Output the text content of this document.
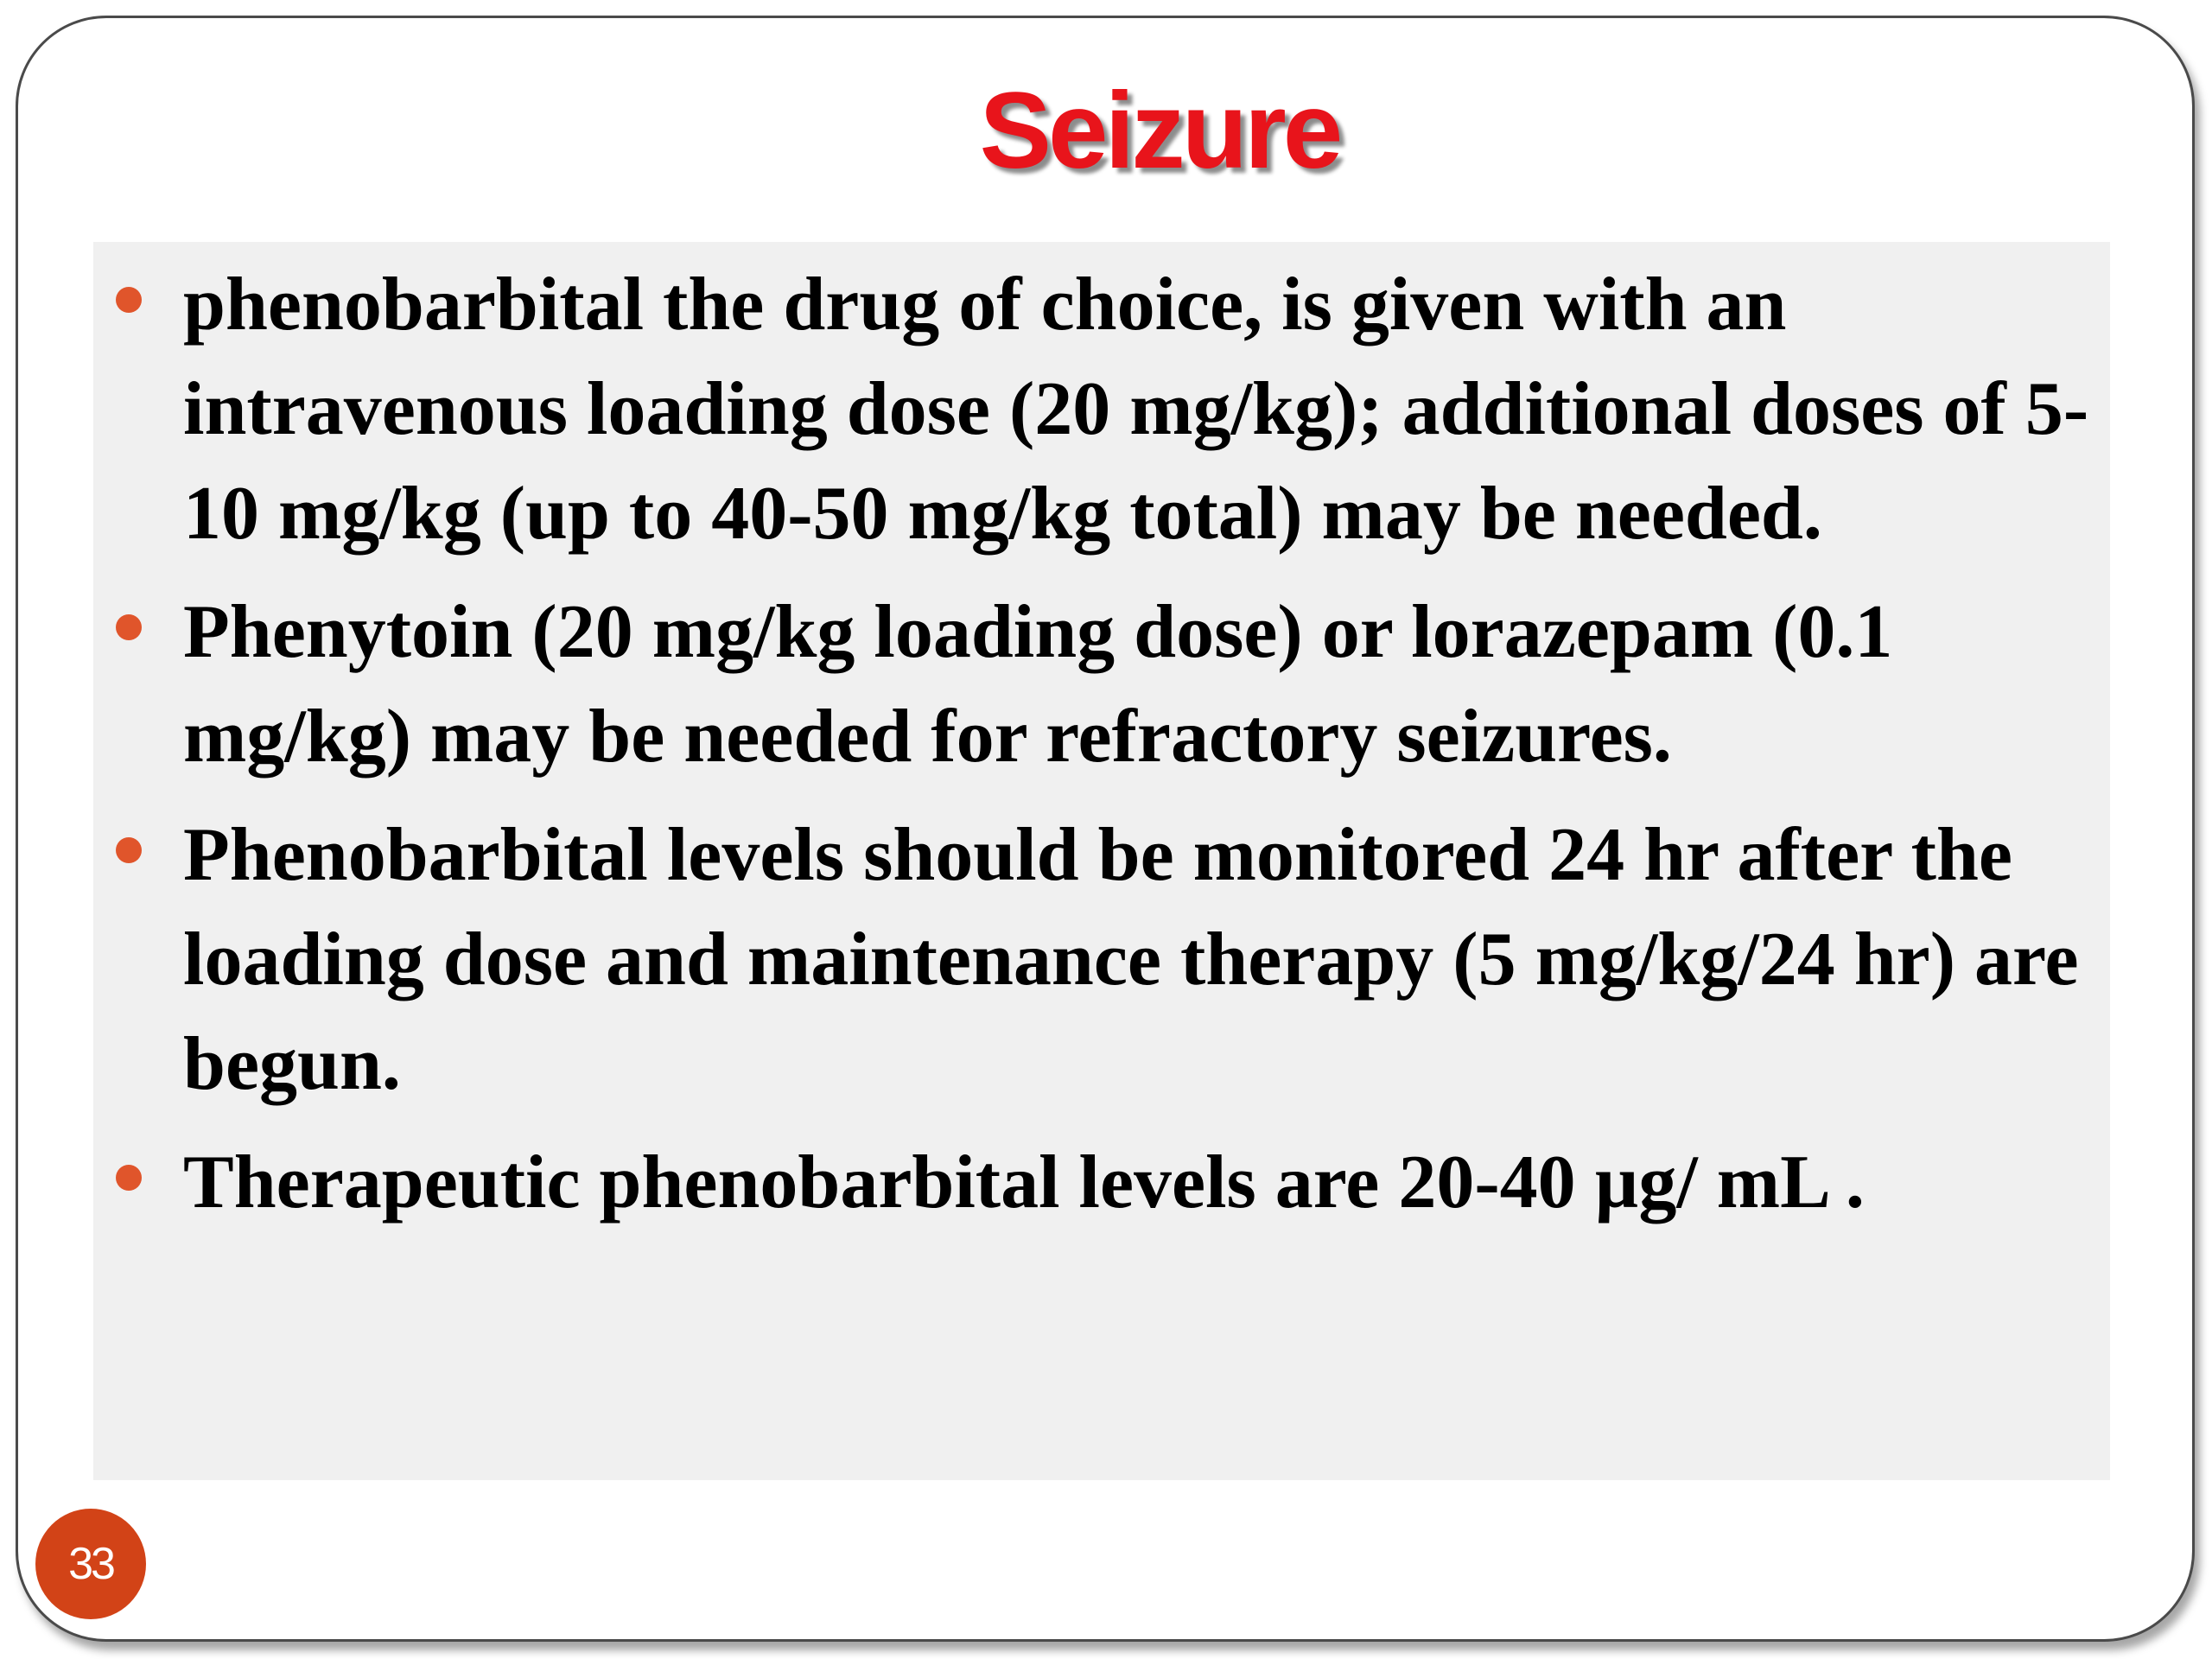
Seizure
phenobarbital the drug of choice, is given with an intravenous loading dose (20 mg/kg); additional doses of 5-10 mg/kg (up to 40-50 mg/kg total) may be needed.
Phenytoin (20 mg/kg loading dose) or lorazepam (0.1 mg/kg) may be needed for refractory seizures.
Phenobarbital levels should be monitored 24 hr after the loading dose and maintenance therapy (5 mg/kg/24 hr) are begun.
Therapeutic phenobarbital levels are 20-40 µg/ mL .
33
